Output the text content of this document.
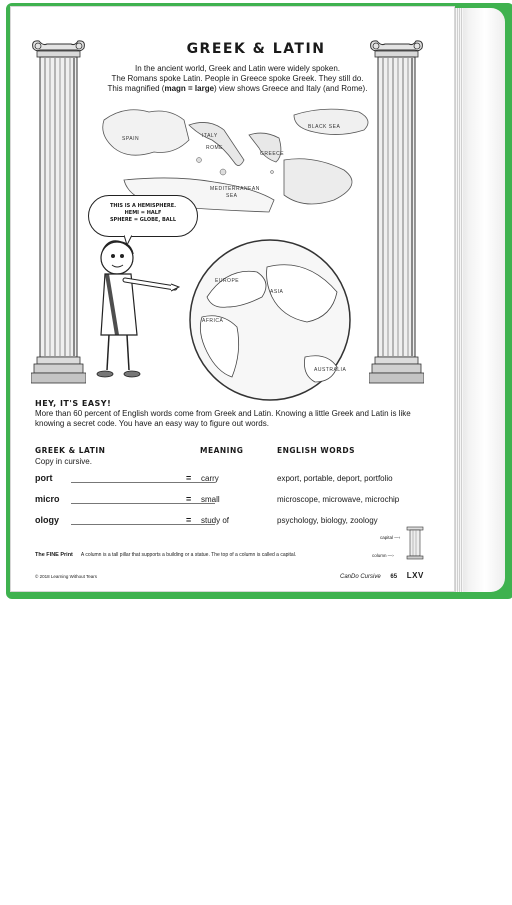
GREEK & LATIN
In the ancient world, Greek and Latin were widely spoken.
The Romans spoke Latin. People in Greece spoke Greek. They still do.
This magnified (magn = large) view shows Greece and Italy (and Rome).
SPAIN	ITALY
ROME
GREECE
BLACK SEA
MEDITERRANEAN
SEA
THIS IS A HEMISPHERE.
HEMI = HALF
SPHERE = GLOBE, BALL
EUROPE
ASIA
AFRICA
AUSTRALIA
HEY, IT'S EASY!
More than 60 percent of English words come from Greek and Latin. Knowing a little Greek and Latin is like knowing a secret code. You have an easy way to figure out words.
GREEK & LATIN	MEANING	ENGLISH WORDS
Copy in cursive.
port	= carry	export, portable, deport, portfolio
micro	= small	microscope, microwave, microchip
ology	= study of	psychology, biology, zoology
The FINE Print A column is a tall pillar that supports a building or a statue. The top of a column is called a capital.
capital —›
column —›
© 2018 Learning Without Tears	CanDo Cursive 65 LXV
